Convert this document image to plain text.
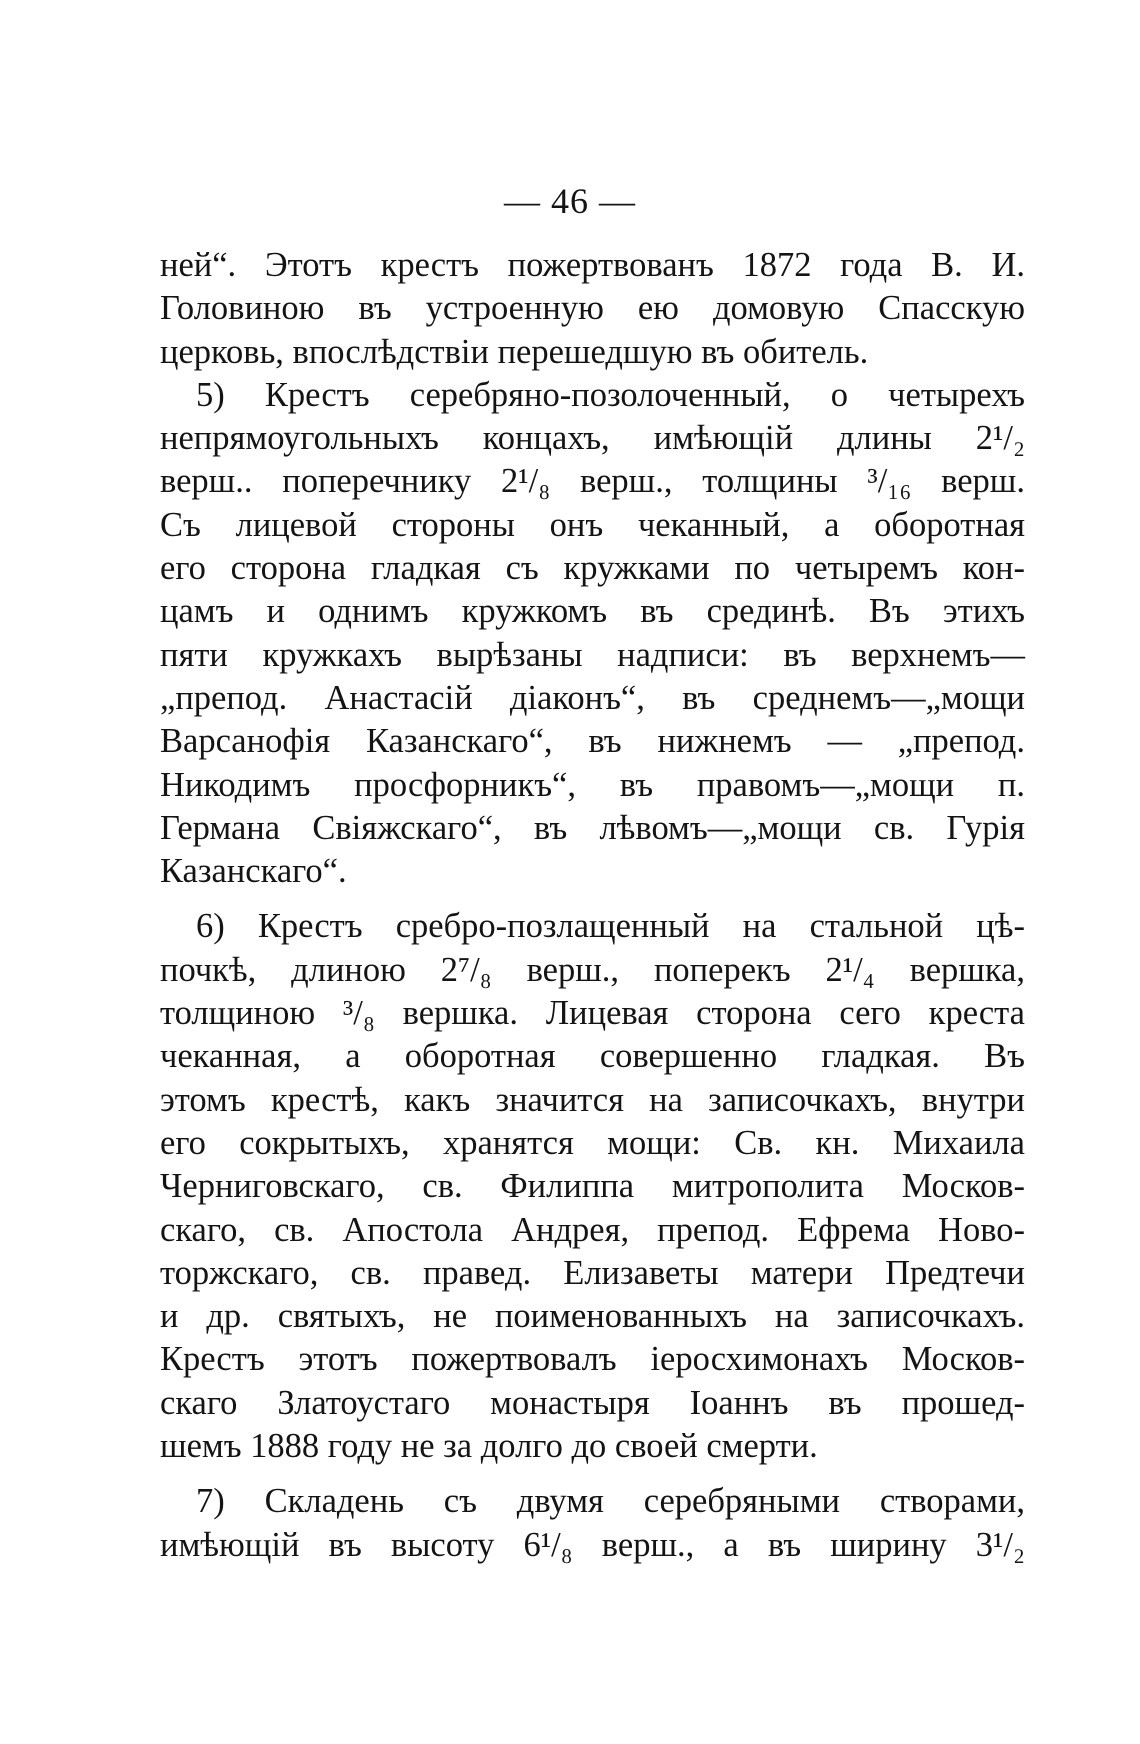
— 46 —

ней“. Этотъ крестъ пожертвованъ 1872 года В. И.
Головиною въ устроенную ею домовую Спасскую
церковь, впослѣдствіи перешедшую въ обитель.

5) Крестъ серебряно-позолоченный, о четырехъ
непрямоугольныхъ концахъ, имѣющій длины 2¹/₂
верш.. поперечнику 2¹/₈ верш., толщины ³/₁₆ верш.
Съ лицевой стороны онъ чеканный, а оборотная
его сторона гладкая съ кружками по четыремъ кон-
цамъ и однимъ кружкомъ въ срединѣ. Въ этихъ
пяти кружкахъ вырѣзаны надписи: въ верхнемъ—
„препод. Анастасій діаконъ“, въ среднемъ—„мощи
Варсанофія Казанскаго“, въ нижнемъ — „препод.
Никодимъ просфорникъ“, въ правомъ—„мощи п.
Германа Свіяжскаго“, въ лѣвомъ—„мощи св. Гурія
Казанскаго“.

6) Крестъ сребро-позлащенный на стальной цѣ-
почкѣ, длиною 2⁷/₈ верш., поперекъ 2¹/₄ вершка,
толщиною ³/₈ вершка. Лицевая сторона сего креста
чеканная, а оборотная совершенно гладкая. Въ
этомъ крестѣ, какъ значится на записочкахъ, внутри
его сокрытыхъ, хранятся мощи: Св. кн. Михаила
Черниговскаго, св. Филиппа митрополита Москов-
скаго, св. Апостола Андрея, препод. Ефрема Ново-
торжскаго, св. правед. Елизаветы матери Предтечи
и др. святыхъ, не поименованныхъ на записочкахъ.
Крестъ этотъ пожертвовалъ іеросхимонахъ Москов-
скаго Златоустаго монастыря Іоаннъ въ прошед-
шемъ 1888 году не за долго до своей смерти.

7) Складень съ двумя серебряными створами,
имѣющій въ высоту 6¹/₈ верш., а въ ширину 3¹/₂
